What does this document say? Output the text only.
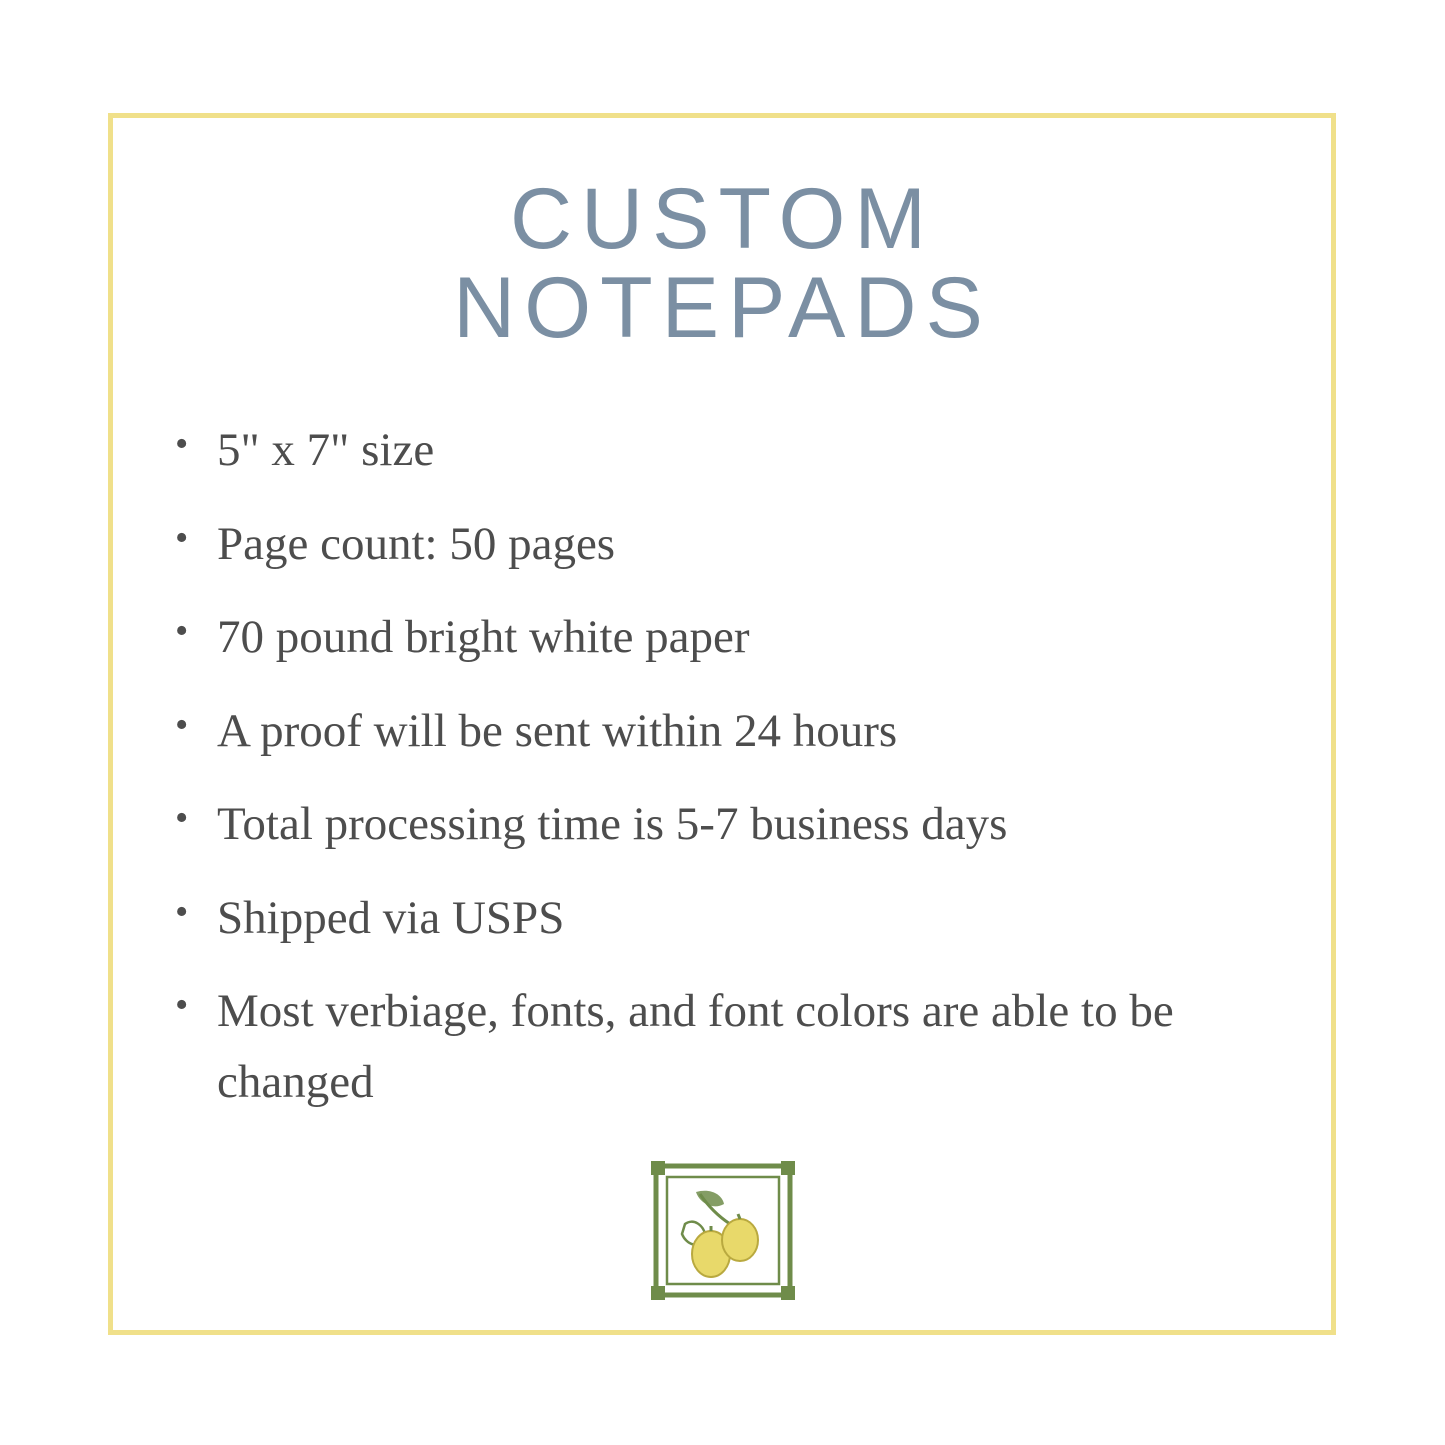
CUSTOM
NOTEPADS
• 5" x 7" size
• Page count: 50 pages
• 70 pound bright white paper
• A proof will be sent within 24 hours
• Total processing time is 5-7 business days
• Shipped via USPS
• Most verbiage, fonts, and font colors are able to be changed
